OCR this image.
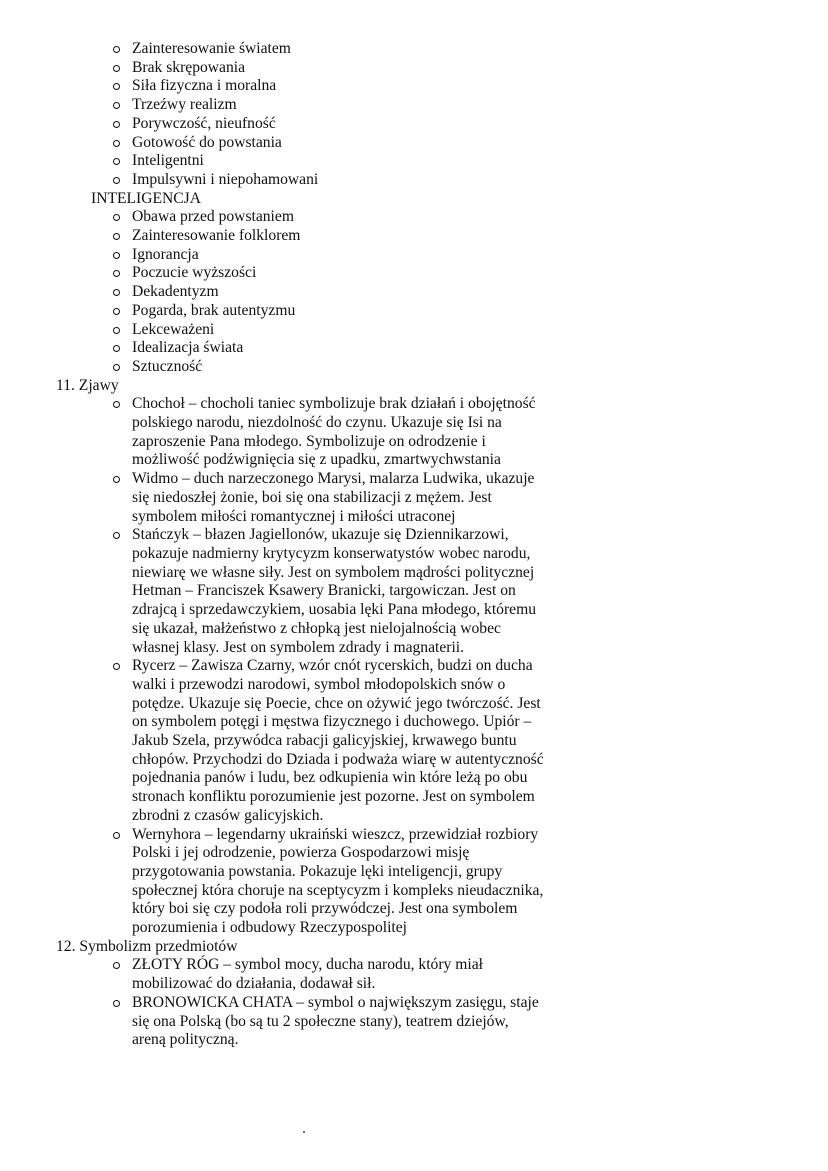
Zainteresowanie światem
Brak skrępowania
Siła fizyczna i moralna
Trzeźwy realizm
Porywczość, nieufność
Gotowość do powstania
Inteligentni
Impulsywni i niepohamowani
INTELIGENCJA
Obawa przed powstaniem
Zainteresowanie folklorem
Ignorancja
Poczucie wyższości
Dekadentyzm
Pogarda, brak autentyzmu
Lekceważeni
Idealizacja świata
Sztuczność
11. Zjawy
Chochoł – chocholi taniec symbolizuje brak działań i obojętność polskiego narodu, niezdolność do czynu. Ukazuje się Isi na zaproszenie Pana młodego. Symbolizuje on odrodzenie i możliwość podźwignięcia się z upadku, zmartwychwstania
Widmo – duch narzeczonego Marysi, malarza Ludwika, ukazuje się niedoszłej żonie, boi się ona stabilizacji z mężem. Jest symbolem miłości romantycznej i miłości utraconej
Stańczyk – błazen Jagiellonów, ukazuje się Dziennikarzowi, pokazuje nadmierny krytycyzm konserwatystów wobec narodu, niewiarę we własne siły. Jest on symbolem mądrości politycznej Hetman – Franciszek Ksawery Branicki, targowiczan. Jest on zdrajcą i sprzedawczykiem, uosabia lęki Pana młodego, któremu się ukazał, małżeństwo z chłopką jest nielojalnością wobec własnej klasy. Jest on symbolem zdrady i magnaterii.
Rycerz – Zawisza Czarny, wzór cnót rycerskich, budzi on ducha walki i przewodzi narodowi, symbol młodopolskich snów o potędze. Ukazuje się Poecie, chce on ożywić jego twórczość. Jest on symbolem potęgi i męstwa fizycznego i duchowego. Upiór – Jakub Szela, przywódca rabacji galicyjskiej, krwawego buntu chłopów. Przychodzi do Dziada i podważa wiarę w autentyczność pojednania panów i ludu, bez odkupienia win które leżą po obu stronach konfliktu porozumienie jest pozorne. Jest on symbolem zbrodni z czasów galicyjskich.
Wernyhora – legendarny ukraiński wieszcz, przewidział rozbiory Polski i jej odrodzenie, powierza Gospodarzowi misję przygotowania powstania. Pokazuje lęki inteligencji, grupy społecznej która choruje na sceptycyzm i kompleks nieudacznika, który boi się czy podoła roli przywódczej. Jest ona symbolem porozumienia i odbudowy Rzeczypospolitej
12. Symbolizm przedmiotów
ZŁOTY RÓG – symbol mocy, ducha narodu, który miał mobilizować do działania, dodawał sił.
BRONOWICKA CHATA – symbol o największym zasięgu, staje się ona Polską (bo są tu 2 społeczne stany), teatrem dziejów, areną polityczną.
